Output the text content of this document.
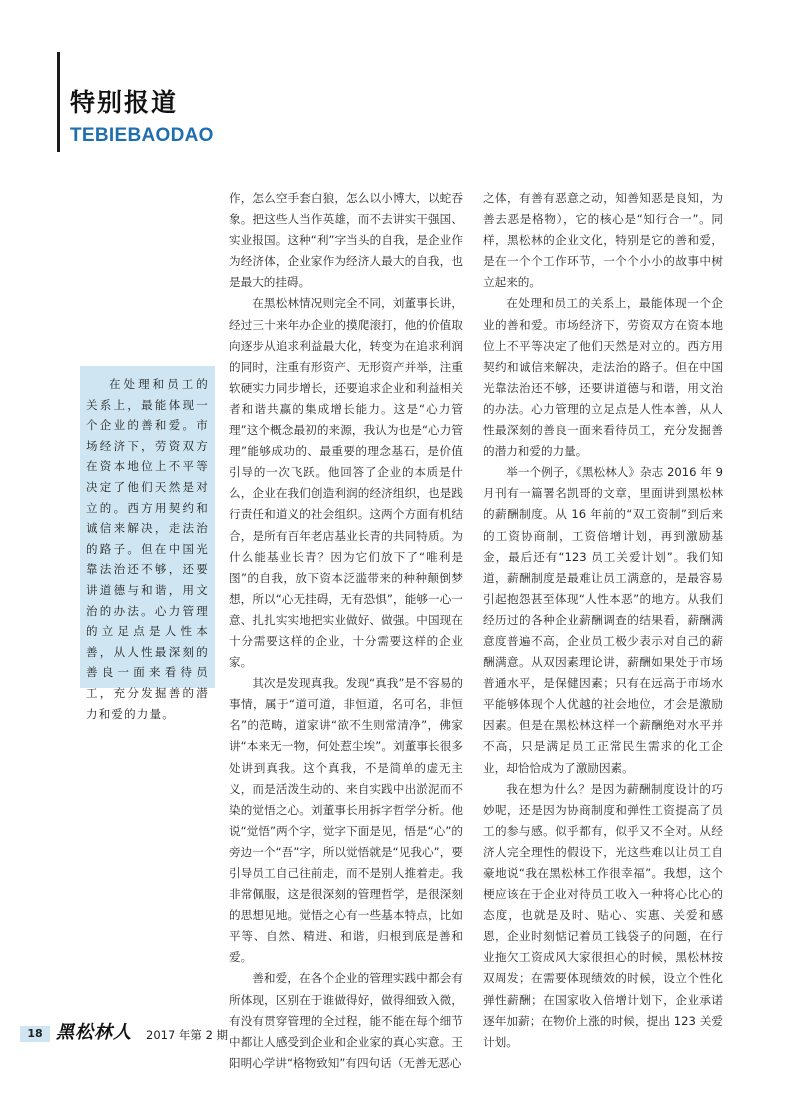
特别报道
TEBIEBAODAO

在处理和员工的关系上，最能体现一个企业的善和爱。市场经济下，劳资双方在资本地位上不平等决定了他们天然是对立的。西方用契约和诚信来解决，走法治的路子。但在中国光靠法治还不够，还要讲道德与和谐，用文治的办法。心力管理的立足点是人性本善，从人性最深刻的善良一面来看待员工，充分发掘善的潜力和爱的力量。

作，怎么空手套白狼，怎么以小博大，以蛇吞象。把这些人当作英雄，而不去讲实干强国、实业报国。这种“利”字当头的自我，是企业作为经济体，企业家作为经济人最大的自我，也是最大的挂碍。

在黑松林情况则完全不同，刘董事长讲，经过三十来年办企业的摸爬滚打，他的价值取向逐步从追求利益最大化，转变为在追求利润的同时，注重有形资产、无形资产并举，注重软硬实力同步增长，还要追求企业和利益相关者和谐共赢的集成增长能力。这是“心力管理”这个概念最初的来源，我认为也是“心力管理”能够成功的、最重要的理念基石，是价值引导的一次飞跃。他回答了企业的本质是什么，企业在我们创造利润的经济组织，也是践行责任和道义的社会组织。这两个方面有机结合，是所有百年老店基业长青的共同特质。为什么能基业长青？因为它们放下了“唯利是图”的自我，放下资本泛滥带来的种种颠倒梦想，所以“心无挂碍，无有恐惧”，能够一心一意、扎扎实实地把实业做好、做强。中国现在十分需要这样的企业，十分需要这样的企业家。

其次是发现真我。发现“真我”是不容易的事情，属于“道可道，非恒道，名可名，非恒名”的范畴，道家讲“欲不生则常清净”，佛家讲“本来无一物，何处惹尘埃”。刘董事长很多处讲到真我。这个真我，不是简单的虚无主义，而是活泼生动的、来自实践中出淤泥而不染的觉悟之心。刘董事长用拆字哲学分析。他说“觉悟”两个字，觉字下面是见，悟是“心”的旁边一个“吾”字，所以觉悟就是“见我心”，要引导员工自己往前走，而不是别人推着走。我非常佩服，这是很深刻的管理哲学，是很深刻的思想见地。觉悟之心有一些基本特点，比如平等、自然、精进、和谐，归根到底是善和爱。

善和爱，在各个企业的管理实践中都会有所体现，区别在于谁做得好，做得细致入微，有没有贯穿管理的全过程，能不能在每个细节中都让人感受到企业和企业家的真心实意。王阳明心学讲“格物致知”有四句话（无善无恶心

之体，有善有恶意之动，知善知恶是良知，为善去恶是格物），它的核心是“知行合一”。同样，黑松林的企业文化，特别是它的善和爱，是在一个个工作环节，一个个小小的故事中树立起来的。

在处理和员工的关系上，最能体现一个企业的善和爱。市场经济下，劳资双方在资本地位上不平等决定了他们天然是对立的。西方用契约和诚信来解决，走法治的路子。但在中国光靠法治还不够，还要讲道德与和谐，用文治的办法。心力管理的立足点是人性本善，从人性最深刻的善良一面来看待员工，充分发掘善的潜力和爱的力量。

举一个例子，《黑松林人》杂志 2016 年 9 月刊有一篇署名凯哥的文章，里面讲到黑松林的薪酬制度。从 16 年前的“双工资制”到后来的工资协商制，工资倍增计划，再到激励基金，最后还有“123 员工关爱计划”。我们知道，薪酬制度是最难让员工满意的，是最容易引起抱怨甚至体现“人性本恶”的地方。从我们经历过的各种企业薪酬调查的结果看，薪酬满意度普遍不高，企业员工极少表示对自己的薪酬满意。从双因素理论讲，薪酬如果处于市场普通水平，是保健因素；只有在远高于市场水平能够体现个人优越的社会地位，才会是激励因素。但是在黑松林这样一个薪酬绝对水平并不高，只是满足员工正常民生需求的化工企业，却恰恰成为了激励因素。

我在想为什么？是因为薪酬制度设计的巧妙呢，还是因为协商制度和弹性工资提高了员工的参与感。似乎都有，似乎又不全对。从经济人完全理性的假设下，光这些难以让员工自豪地说“我在黑松林工作很幸福”。我想，这个梗应该在于企业对待员工收入一种将心比心的态度，也就是及时、贴心、实惠、关爱和感恩，企业时刻惦记着员工钱袋子的问题，在行业拖欠工资成风大家很担心的时候，黑松林按双周发；在需要体现绩效的时候，设立个性化弹性薪酬；在国家收入倍增计划下，企业承诺逐年加薪；在物价上涨的时候，提出 123 关爱计划。

18 黑松林人 2017 年第 2 期
